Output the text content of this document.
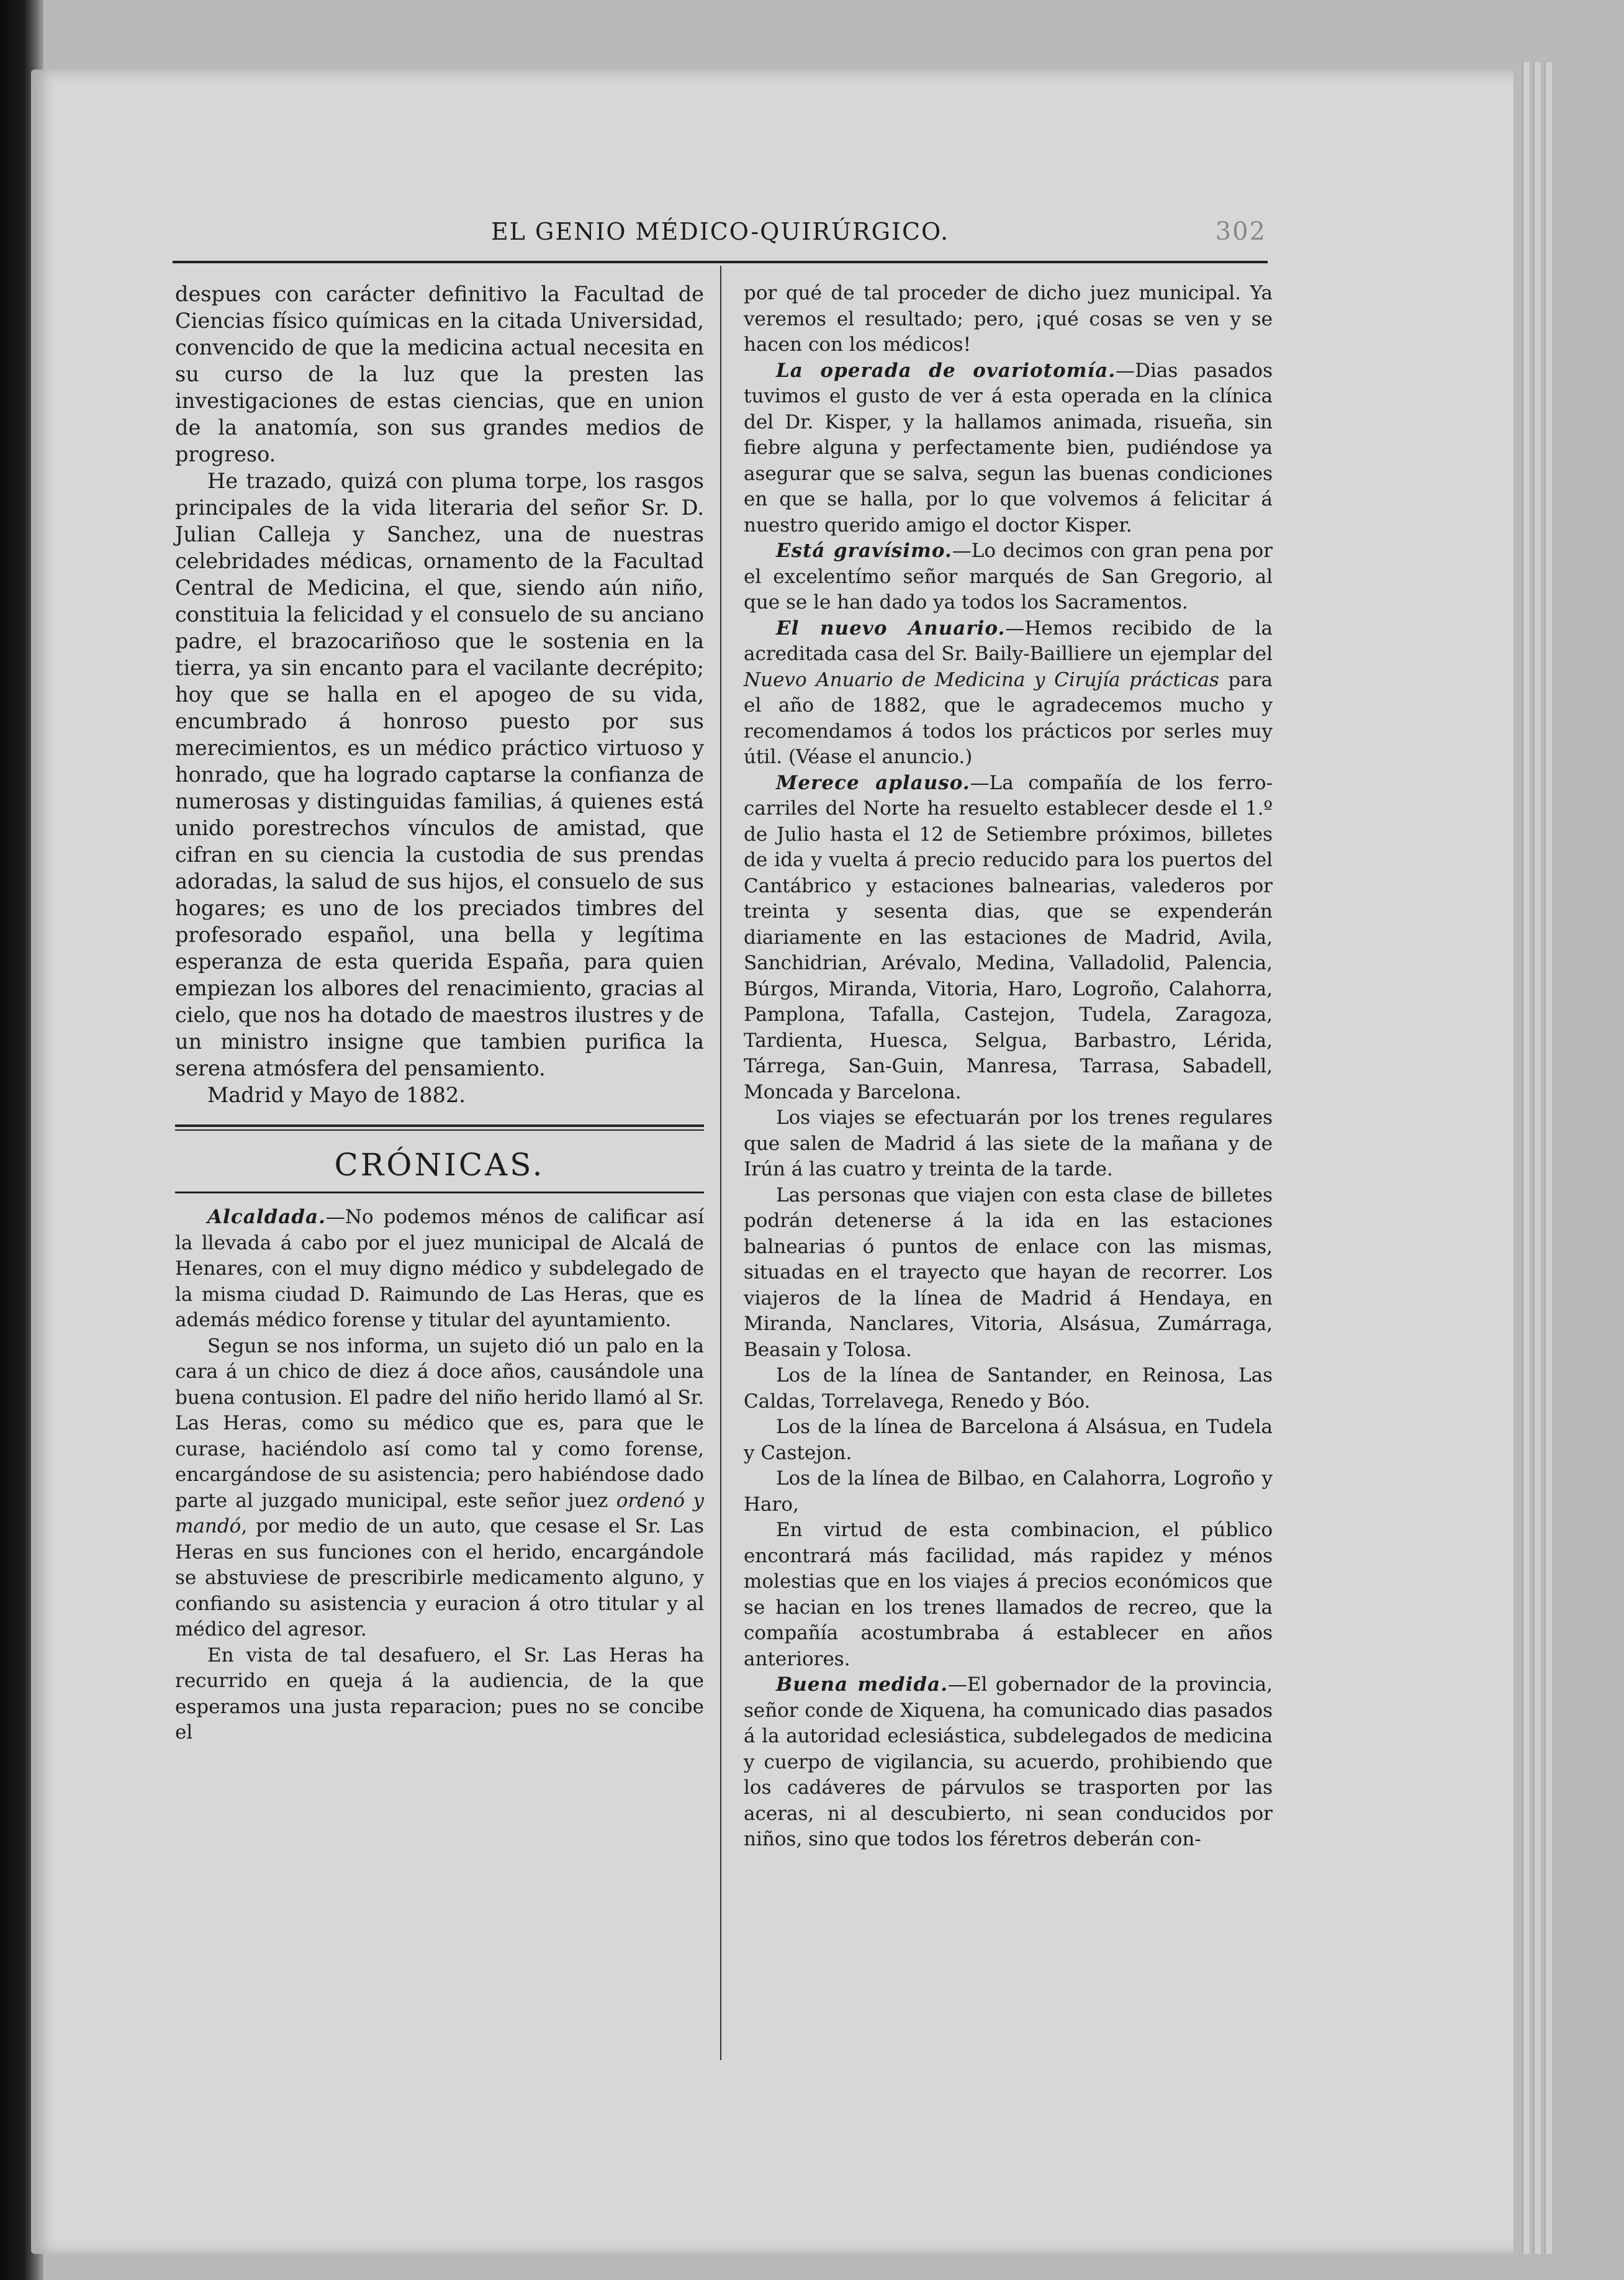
EL GENIO MÉDICO-QUIRÚRGICO.	302

despues con carácter definitivo la Facultad de Ciencias físico químicas en la citada Universidad, convencido de que la medicina actual necesita en su curso de la luz que la presten las investigaciones de estas ciencias, que en union de la anatomía, son sus grandes medios de progreso.

He trazado, quizá con pluma torpe, los rasgos principales de la vida literaria del señor Sr. D. Julian Calleja y Sanchez, una de nuestras celebridades médicas, ornamento de la Facultad Central de Medicina, el que, siendo aún niño, constituia la felicidad y el consuelo de su anciano padre, el brazocariñoso que le sostenia en la tierra, ya sin encanto para el vacilante decrépito; hoy que se halla en el apogeo de su vida, encumbrado á honroso puesto por sus merecimientos, es un médico práctico virtuoso y honrado, que ha logrado captarse la confianza de numerosas y distinguidas familias, á quienes está unido porestrechos vínculos de amistad, que cifran en su ciencia la custodia de sus prendas adoradas, la salud de sus hijos, el consuelo de sus hogares; es uno de los preciados timbres del profesorado español, una bella y legítima esperanza de esta querida España, para quien empiezan los albores del renacimiento, gracias al cielo, que nos ha dotado de maestros ilustres y de un ministro insigne que tambien purifica la serena atmósfera del pensamiento.

Madrid y Mayo de 1882.

CRÓNICAS.

Alcaldada.—No podemos ménos de calificar así la llevada á cabo por el juez municipal de Alcalá de Henares, con el muy digno médico y subdelegado de la misma ciudad D. Raimundo de Las Heras, que es además médico forense y titular del ayuntamiento.

Segun se nos informa, un sujeto dió un palo en la cara á un chico de diez á doce años, causándole una buena contusion. El padre del niño herido llamó al Sr. Las Heras, como su médico que es, para que le curase, haciéndolo así como tal y como forense, encargándose de su asistencia; pero habiéndose dado parte al juzgado municipal, este señor juez ordenó y mandó, por medio de un auto, que cesase el Sr. Las Heras en sus funciones con el herido, encargándole se abstuviese de prescribirle medicamento alguno, y confiando su asistencia y euracion á otro titular y al médico del agresor.

En vista de tal desafuero, el Sr. Las Heras ha recurrido en queja á la audiencia, de la que esperamos una justa reparacion; pues no se concibe el

por qué de tal proceder de dicho juez municipal. Ya veremos el resultado; pero, ¡qué cosas se ven y se hacen con los médicos!

La operada de ovariotomía.—Dias pasados tuvimos el gusto de ver á esta operada en la clínica del Dr. Kisper, y la hallamos animada, risueña, sin fiebre alguna y perfectamente bien, pudiéndose ya asegurar que se salva, segun las buenas condiciones en que se halla, por lo que volvemos á felicitar á nuestro querido amigo el doctor Kisper.

Está gravísimo.—Lo decimos con gran pena por el excelentímo señor marqués de San Gregorio, al que se le han dado ya todos los Sacramentos.

El nuevo Anuario.—Hemos recibido de la acreditada casa del Sr. Baily-Bailliere un ejemplar del Nuevo Anuario de Medicina y Cirujía prácticas para el año de 1882, que le agradecemos mucho y recomendamos á todos los prácticos por serles muy útil. (Véase el anuncio.)

Merece aplauso.—La compañía de los ferro-carriles del Norte ha resuelto establecer desde el 1.º de Julio hasta el 12 de Setiembre próximos, billetes de ida y vuelta á precio reducido para los puertos del Cantábrico y estaciones balnearias, valederos por treinta y sesenta dias, que se expenderán diariamente en las estaciones de Madrid, Avila, Sanchidrian, Arévalo, Medina, Valladolid, Palencia, Búrgos, Miranda, Vitoria, Haro, Logroño, Calahorra, Pamplona, Tafalla, Castejon, Tudela, Zaragoza, Tardienta, Huesca, Selgua, Barbastro, Lérida, Tárrega, San-Guin, Manresa, Tarrasa, Sabadell, Moncada y Barcelona.

Los viajes se efectuarán por los trenes regulares que salen de Madrid á las siete de la mañana y de Irún á las cuatro y treinta de la tarde.

Las personas que viajen con esta clase de billetes podrán detenerse á la ida en las estaciones balnearias ó puntos de enlace con las mismas, situadas en el trayecto que hayan de recorrer. Los viajeros de la línea de Madrid á Hendaya, en Miranda, Nanclares, Vitoria, Alsásua, Zumárraga, Beasain y Tolosa.

Los de la línea de Santander, en Reinosa, Las Caldas, Torrelavega, Renedo y Bóo.

Los de la línea de Barcelona á Alsásua, en Tudela y Castejon.

Los de la línea de Bilbao, en Calahorra, Logroño y Haro,

En virtud de esta combinacion, el público encontrará más facilidad, más rapidez y ménos molestias que en los viajes á precios económicos que se hacian en los trenes llamados de recreo, que la compañía acostumbraba á establecer en años anteriores.

Buena medida.—El gobernador de la provincia, señor conde de Xiquena, ha comunicado dias pasados á la autoridad eclesiástica, subdelegados de medicina y cuerpo de vigilancia, su acuerdo, prohibiendo que los cadáveres de párvulos se trasporten por las aceras, ni al descubierto, ni sean conducidos por niños, sino que todos los féretros deberán con-
